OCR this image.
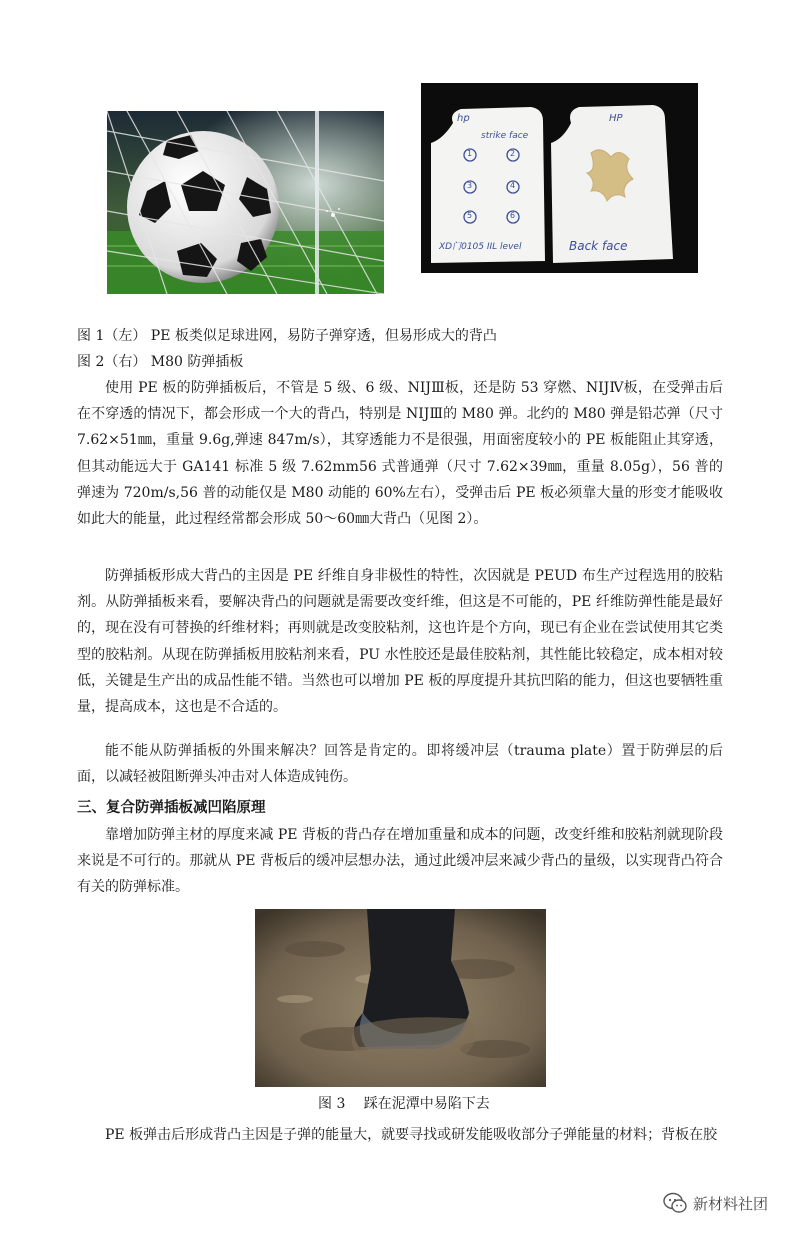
hp
strike face
XD门0105 IIL level
HP
Back face
1	2
3	4
5	6
图 1（左） PE 板类似足球进网，易防子弹穿透，但易形成大的背凸
图 2（右） M80 防弹插板

使用 PE 板的防弹插板后，不管是 5 级、6 级、NIJⅢ板，还是防 53 穿燃、NIJⅣ板，在受弹击后在不穿透的情况下，都会形成一个大的背凸，特别是 NIJⅢ的 M80 弹。北约的 M80 弹是铅芯弹（尺寸 7.62×51㎜，重量 9.6g,弹速 847m/s），其穿透能力不是很强，用面密度较小的 PE 板能阻止其穿透，但其动能远大于 GA141 标准 5 级 7.62mm56 式普通弹（尺寸 7.62×39㎜，重量 8.05g），56 普的弹速为 720m/s,56 普的动能仅是 M80 动能的 60%左右），受弹击后 PE 板必须靠大量的形变才能吸收如此大的能量，此过程经常都会形成 50～60㎜大背凸（见图 2）。

防弹插板形成大背凸的主因是 PE 纤维自身非极性的特性，次因就是 PEUD 布生产过程选用的胶粘剂。从防弹插板来看，要解决背凸的问题就是需要改变纤维，但这是不可能的，PE 纤维防弹性能是最好的，现在没有可替换的纤维材料；再则就是改变胶粘剂，这也许是个方向，现已有企业在尝试使用其它类型的胶粘剂。从现在防弹插板用胶粘剂来看，PU 水性胶还是最佳胶粘剂，其性能比较稳定，成本相对较低，关键是生产出的成品性能不错。当然也可以增加 PE 板的厚度提升其抗凹陷的能力，但这也要牺牲重量，提高成本，这也是不合适的。

能不能从防弹插板的外围来解决？回答是肯定的。即将缓冲层（trauma plate）置于防弹层的后面，以减轻被阻断弹头冲击对人体造成钝伤。

三、复合防弹插板减凹陷原理

靠增加防弹主材的厚度来减 PE 背板的背凸存在增加重量和成本的问题，改变纤维和胶粘剂就现阶段来说是不可行的。那就从 PE 背板后的缓冲层想办法，通过此缓冲层来减少背凸的量级，以实现背凸符合有关的防弹标准。

图 3　 踩在泥潭中易陷下去

PE 板弹击后形成背凸主因是子弹的能量大，就要寻找或研发能吸收部分子弹能量的材料；背板在胶

新材料社团
